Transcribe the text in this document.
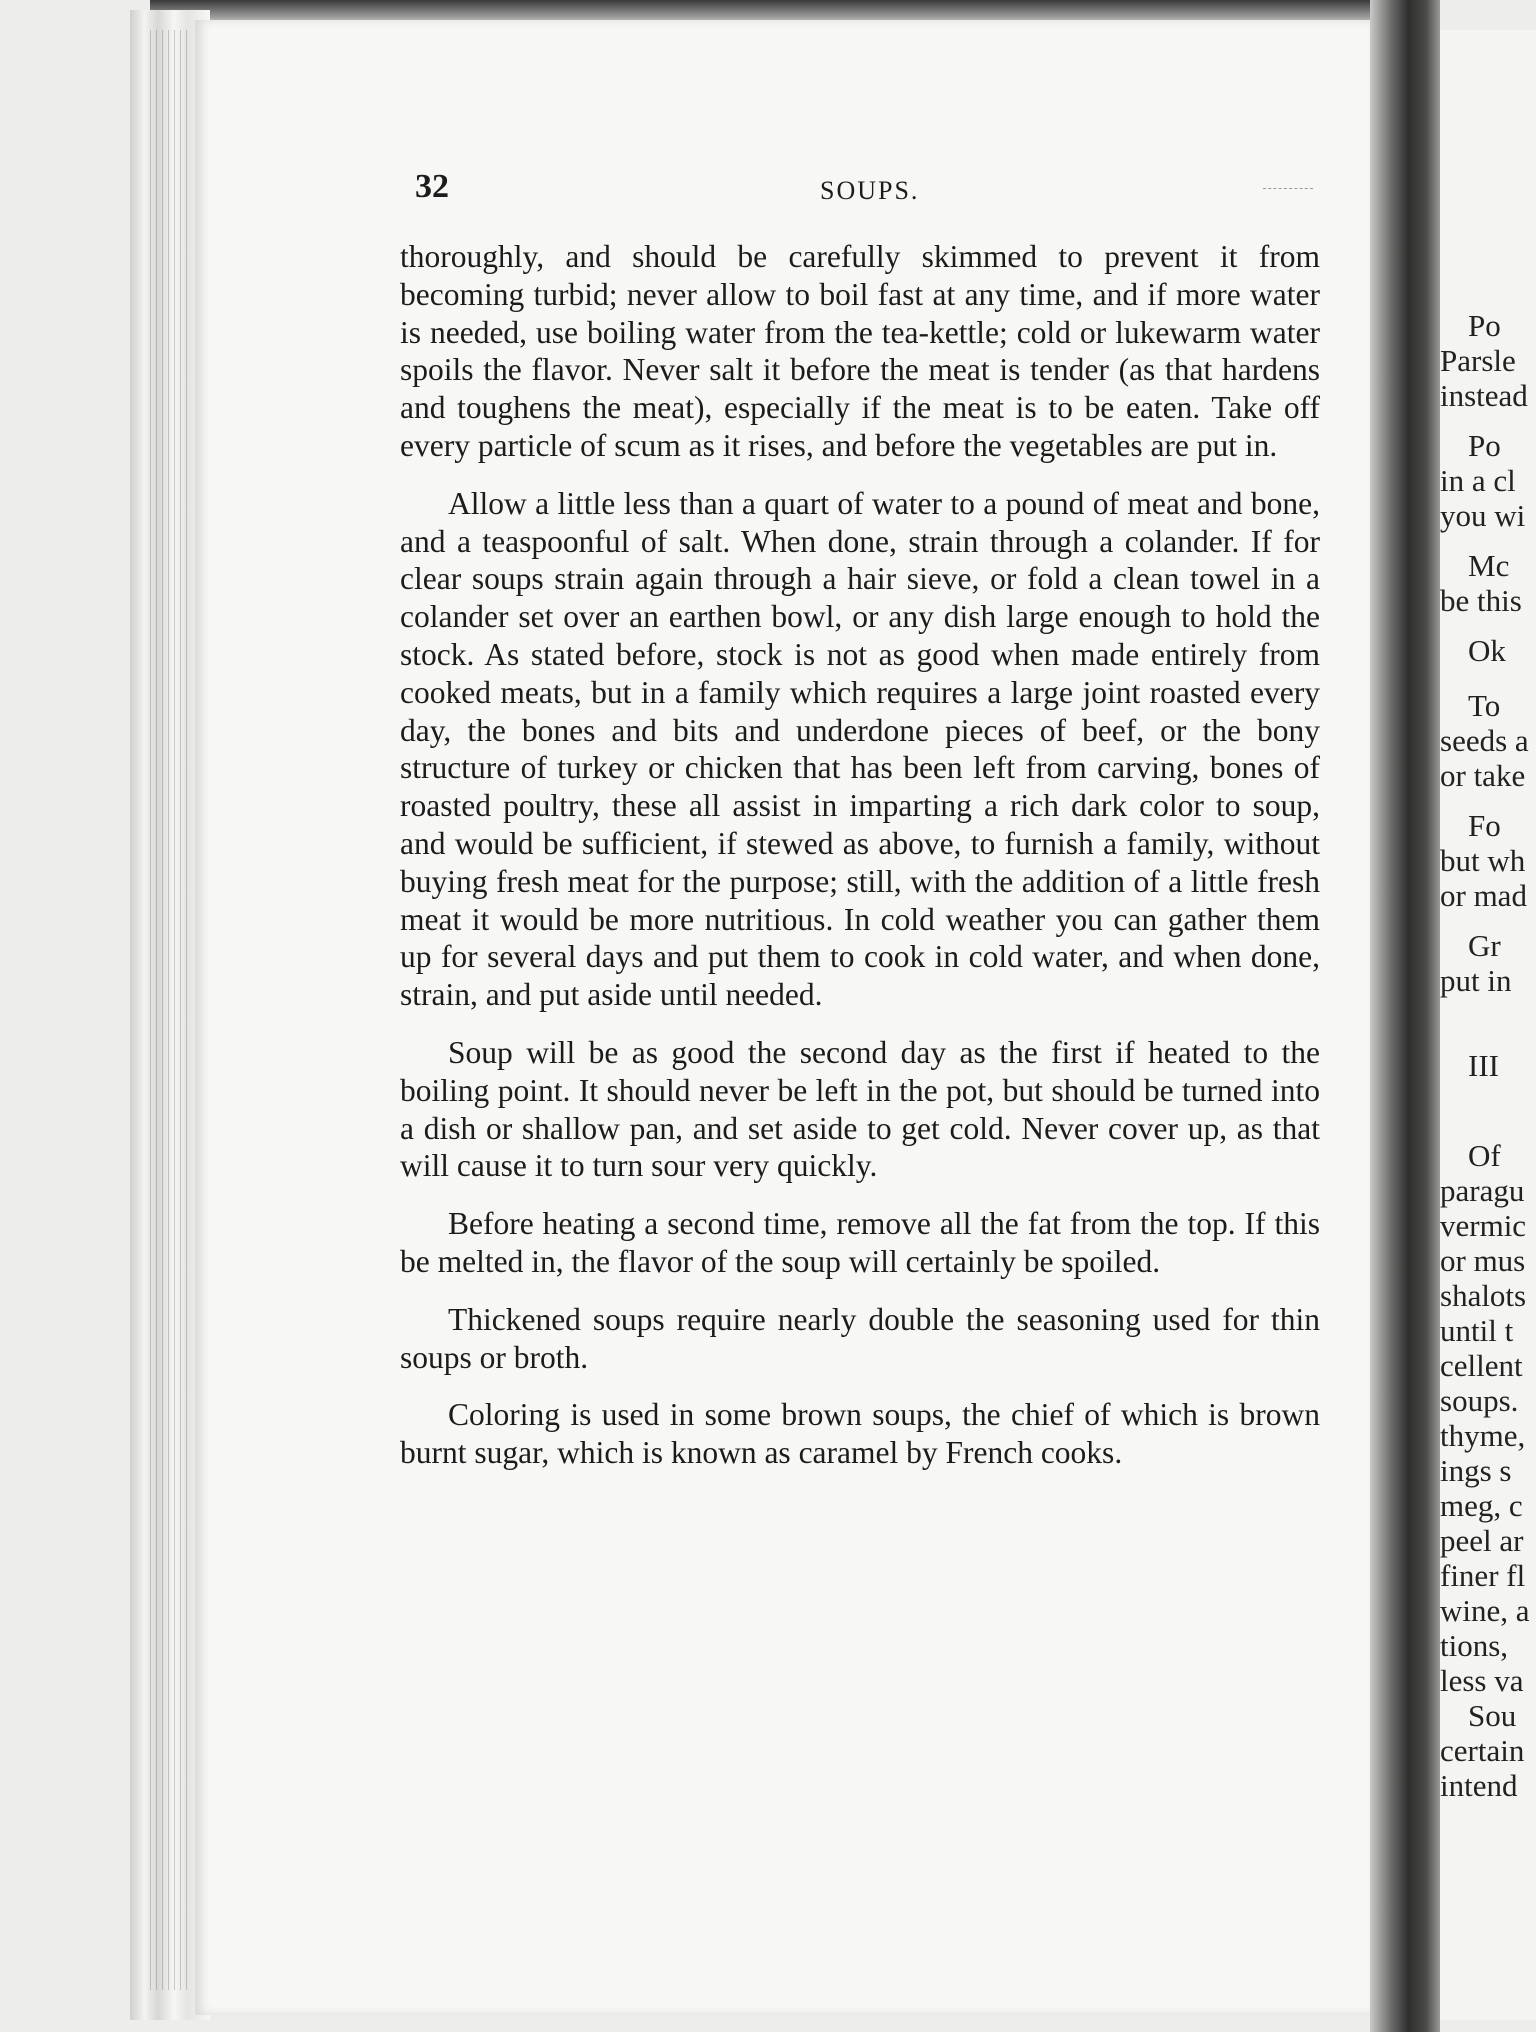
32	SOUPS.

thoroughly, and should be carefully skimmed to prevent it from becoming turbid; never allow to boil fast at any time, and if more water is needed, use boiling water from the tea-kettle; cold or lukewarm water spoils the flavor. Never salt it before the meat is tender (as that hardens and toughens the meat), especially if the meat is to be eaten. Take off every particle of scum as it rises, and before the vegetables are put in.

Allow a little less than a quart of water to a pound of meat and bone, and a teaspoonful of salt. When done, strain through a colander. If for clear soups strain again through a hair sieve, or fold a clean towel in a colander set over an earthen bowl, or any dish large enough to hold the stock. As stated before, stock is not as good when made entirely from cooked meats, but in a family which requires a large joint roasted every day, the bones and bits and underdone pieces of beef, or the bony structure of turkey or chicken that has been left from carving, bones of roasted poultry, these all assist in imparting a rich dark color to soup, and would be sufficient, if stewed as above, to furnish a family, without buying fresh meat for the purpose; still, with the addition of a little fresh meat it would be more nutritious. In cold weather you can gather them up for several days and put them to cook in cold water, and when done, strain, and put aside until needed.

Soup will be as good the second day as the first if heated to the boiling point. It should never be left in the pot, but should be turned into a dish or shallow pan, and set aside to get cold. Never cover up, as that will cause it to turn sour very quickly.

Before heating a second time, remove all the fat from the top. If this be melted in, the flavor of the soup will certainly be spoiled.

Thickened soups require nearly double the seasoning used for thin soups or broth.

Coloring is used in some brown soups, the chief of which is brown burnt sugar, which is known as caramel by French cooks.

Po
Parsle
instead
Po
in a cl
you wi
Mc
be this
Ok
To
seeds a
or take
Fo
but wh
or mad
Gr
put in
III
Of
paragu
vermic
or mus
shalots
until t
cellent
soups.
thyme,
ings s
meg, c
peel ar
finer fl
wine, a
tions,
less va
Sou
certain
intend
